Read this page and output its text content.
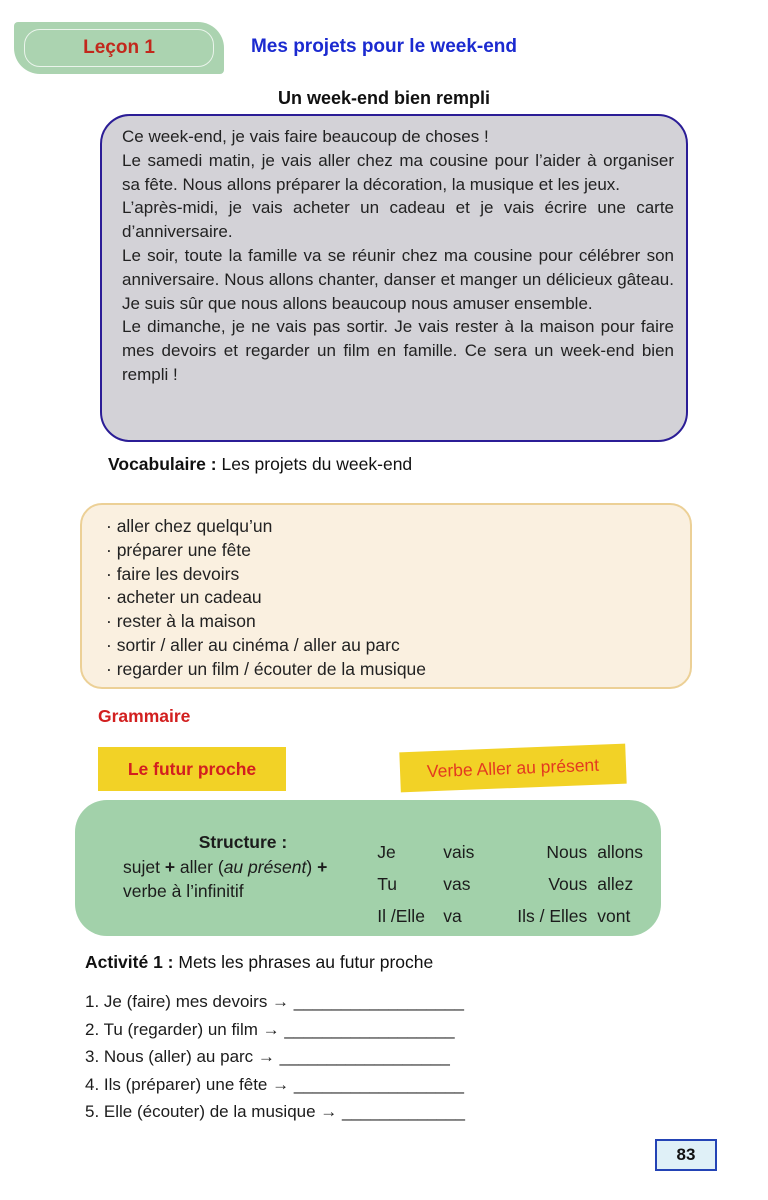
Leçon 1	Mes projets pour le week-end
Un week-end bien rempli

Ce week-end, je vais faire beaucoup de choses !

Le samedi matin, je vais aller chez ma cousine pour l’aider à organiser sa fête. Nous allons préparer la décoration, la musique et les jeux.

L’après-midi, je vais acheter un cadeau et je vais écrire une carte d’anniversaire.

Le soir, toute la famille va se réunir chez ma cousine pour célébrer son anniversaire. Nous allons chanter, danser et manger un délicieux gâteau. Je suis sûr que nous allons beaucoup nous amuser ensemble.

Le dimanche, je ne vais pas sortir. Je vais rester à la maison pour faire mes devoirs et regarder un film en famille. Ce sera un week-end bien rempli !

Vocabulaire : Les projets du week-end
· aller chez quelqu’un
· préparer une fête
· faire les devoirs
· acheter un cadeau
· rester à la maison
· sortir / aller au cinéma / aller au parc
· regarder un film / écouter de la musique
Grammaire
Le futur proche	Verbe Aller au présent
Structure :
sujet + aller (au présent) +
verbe à l’infinitif
Je	vais	Nous allons
Tu	vas	Vous allez
Il /Elle	va	Ils / Elles vont
Activité 1 : Mets les phrases au futur proche
1. Je (faire) mes devoirs → __________________
2. Tu (regarder) un film → __________________
3. Nous (aller) au parc → __________________
4. Ils (préparer) une fête → __________________
5. Elle (écouter) de la musique → _____________
83
